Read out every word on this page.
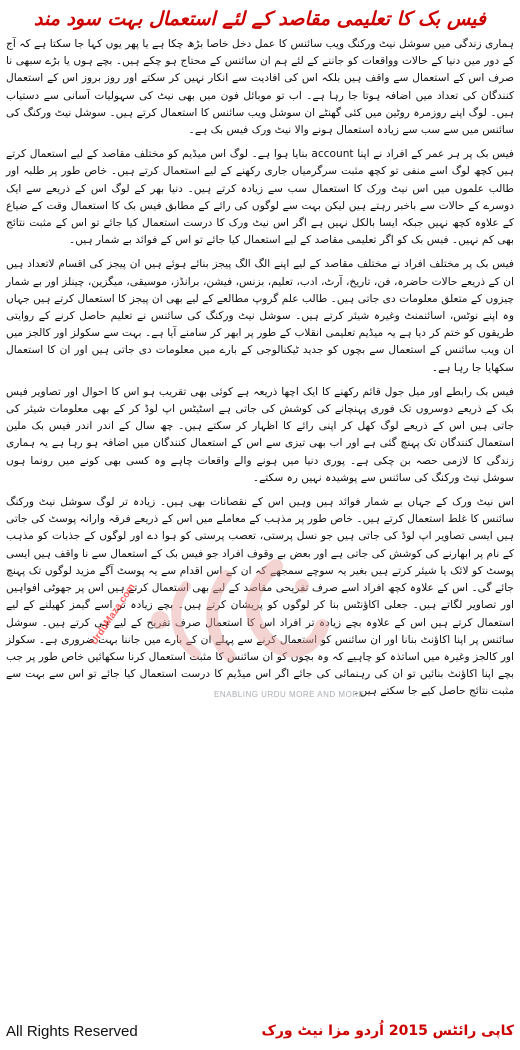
فیس بک کا تعلیمی مقاصد کے لئے استعمال بہت سود مند

ہماری زندگی میں سوشل نیٹ ورکنگ ویب سائنس کا عمل دخل خاصا بڑھ چکا ہے یا پھر یوں کہا جا سکتا ہے کہ آج کے دور میں دنیا کے حالات وواقعات کو جاننے کے لئے ہم ان سائنس کے محتاج ہو چکے ہیں۔ بچے ہوں یا بڑے سبھی نا صرف اس کے استعمال سے واقف ہیں بلکہ اس کی افادیت سے انکار نہیں کر سکتے اور روز بروز اس کے استعمال کنندگان کی تعداد میں اضافہ ہوتا جا رہا ہے۔ اب تو موبائل فون میں بھی نیٹ کی سہولیات آسانی سے دستیاب ہیں۔ لوگ اپنے روزمرہ روٹین میں کئی گھنٹے ان سوشل ویب سائنس کا استعمال کرتے ہیں۔ سوشل نیٹ ورکنگ کی سائنس میں سے سب سے زیادہ استعمال ہونے والا نیٹ ورک فیس بک ہے۔

فیس بک پر ہر عمر کے افراد نے اپنا account بنایا ہوا ہے۔ لوگ اس میڈیم کو مختلف مقاصد کے لیے استعمال کرتے ہیں کچھ لوگ اسے منفی تو کچھ مثبت سرگرمیاں جاری رکھنے کے لیے استعمال کرتے ہیں۔ خاص طور پر طلبہ اور طالب علموں میں اس نیٹ ورک کا استعمال سب سے زیادہ کرتے ہیں۔ دنیا بھر کے لوگ اس کے ذریعے سے ایک دوسرے کے حالات سے باخبر رہتے ہیں لیکن بہت سے لوگوں کی رائے کے مطابق فیس بک کا استعمال وقت کے ضیاع کے علاوہ کچھ نہیں جبکہ ایسا بالکل نہیں ہے اگر اس نیٹ ورک کا درست استعمال کیا جائے تو اس کے مثبت نتائج بھی کم نہیں۔ فیس بک کو اگر تعلیمی مقاصد کے لیے استعمال کیا جائے تو اس کے فوائد بے شمار ہیں۔

فیس بک پر مختلف افراد نے مختلف مقاصد کے لیے اپنے الگ الگ پیجز بنائے ہوئے ہیں ان پیجز کی اقسام لاتعداد ہیں ان کے ذریعے حالات حاضرہ، فن، تاریخ، آرٹ، ادب، تعلیم، بزنس، فیشن، برانڈز، موسیقی، میگزین، چینلز اور بے شمار چیزوں کے متعلق معلومات دی جاتی ہیں۔ طالب علم گروپ مطالعے کے لیے بھی ان پیجز کا استعمال کرتے ہیں جہاں وہ اپنے نوٹس، اسائنمنٹ وغیرہ شیئر کرتے ہیں۔ سوشل نیٹ ورکنگ کی سائنس نے تعلیم حاصل کرنے کے روایتی طریقوں کو ختم کر دیا ہے یہ میڈیم تعلیمی انقلاب کے طور پر ابھر کر سامنے آیا ہے۔ بہت سے سکولز اور کالجز میں ان ویب سائنس کے استعمال سے بچوں کو جدید ٹیکنالوجی کے بارے میں معلومات دی جاتی ہیں اور ان کا استعمال سکھایا جا رہا ہے۔

فیس بک رابطے اور میل جول قائم رکھنے کا ایک اچھا ذریعہ ہے کوئی بھی تقریب ہو اس کا احوال اور تصاویر فیس بک کے ذریعے دوسروں تک فوری پہنچانے کی کوشش کی جاتی ہے اسٹیٹس اپ لوڈ کر کے بھی معلومات شیئر کی جاتی ہیں اس کے ذریعے لوگ کھل کر اپنی رائے کا اظہار کر سکتے ہیں۔ چھ سال کے اندر اندر فیس بک ملین استعمال کنندگان تک پہنچ گئی ہے اور اب بھی تیزی سے اس کے استعمال کنندگان میں اضافہ ہو رہا ہے یہ ہماری زندگی کا لازمی حصہ بن چکی ہے۔ پوری دنیا میں ہونے والے واقعات چاہے وہ کسی بھی کونے میں رونما ہوں سوشل نیٹ ورکنگ کی سائنس سے پوشیدہ نہیں رہ سکتے۔

اس نیٹ ورک کے جہاں بے شمار فوائد ہیں وہیں اس کے نقصانات بھی ہیں۔ زیادہ تر لوگ سوشل نیٹ ورکنگ سائنس کا غلط استعمال کرتے ہیں۔ خاص طور پر مذہب کے معاملے میں اس کے ذریعے فرقہ وارانہ پوسٹ کی جاتی ہیں ایسی تصاویر اپ لوڈ کی جاتی ہیں جو نسل پرستی، تعصب پرستی کو ہوا دے اور لوگوں کے جذبات کو مذہب کے نام پر ابھارنے کی کوشش کی جاتی ہے اور بعض بے وقوف افراد جو فیس بک کے استعمال سے نا واقف ہیں ایسی پوسٹ کو لائک یا شیئر کرتے ہیں بغیر یہ سوچے سمجھے کہ ان کے اس اقدام سے یہ پوسٹ آگے مزید لوگوں تک پہنچ جائے گی۔ اس کے علاوہ کچھ افراد اسے صرف تفریحی مقاصد کے لیے بھی استعمال کرتے ہیں اس پر جھوٹی افواہیں اور تصاویر لگاتے ہیں۔ جعلی اکاؤنٹس بنا کر لوگوں کو پریشان کرتے ہیں۔ بچے زیادہ تر اسے گیمز کھیلنے کے لیے استعمال کرتے ہیں اس کے علاوہ بچے زیادہ تر افراد اس کا استعمال صرف تفریح کے لیے ہی کرتے ہیں۔ سوشل سائنس پر اپنا اکاؤنٹ بنانا اور ان سائنس کو استعمال کرنے سے پہلے ان کے بارے میں جاننا بہت ضروری ہے۔ سکولز اور کالجز وغیرہ میں اساتذہ کو چاہیے کہ وہ بچوں کو ان سائنس کا مثبت استعمال کرنا سکھائیں خاص طور پر جب بچے اپنا اکاؤنٹ بنائیں تو ان کی رہنمائی کی جائے اگر اس میڈیم کا درست استعمال کیا جائے تو اس سے بہت سے مثبت نتائج حاصل کیے جا سکتے ہیں۔

UrduMaza.com
ENABLING URDU MORE AND MORE
All Rights Reserved	کاپی رائٹس 2015 اُردو مزا نیٹ ورک
